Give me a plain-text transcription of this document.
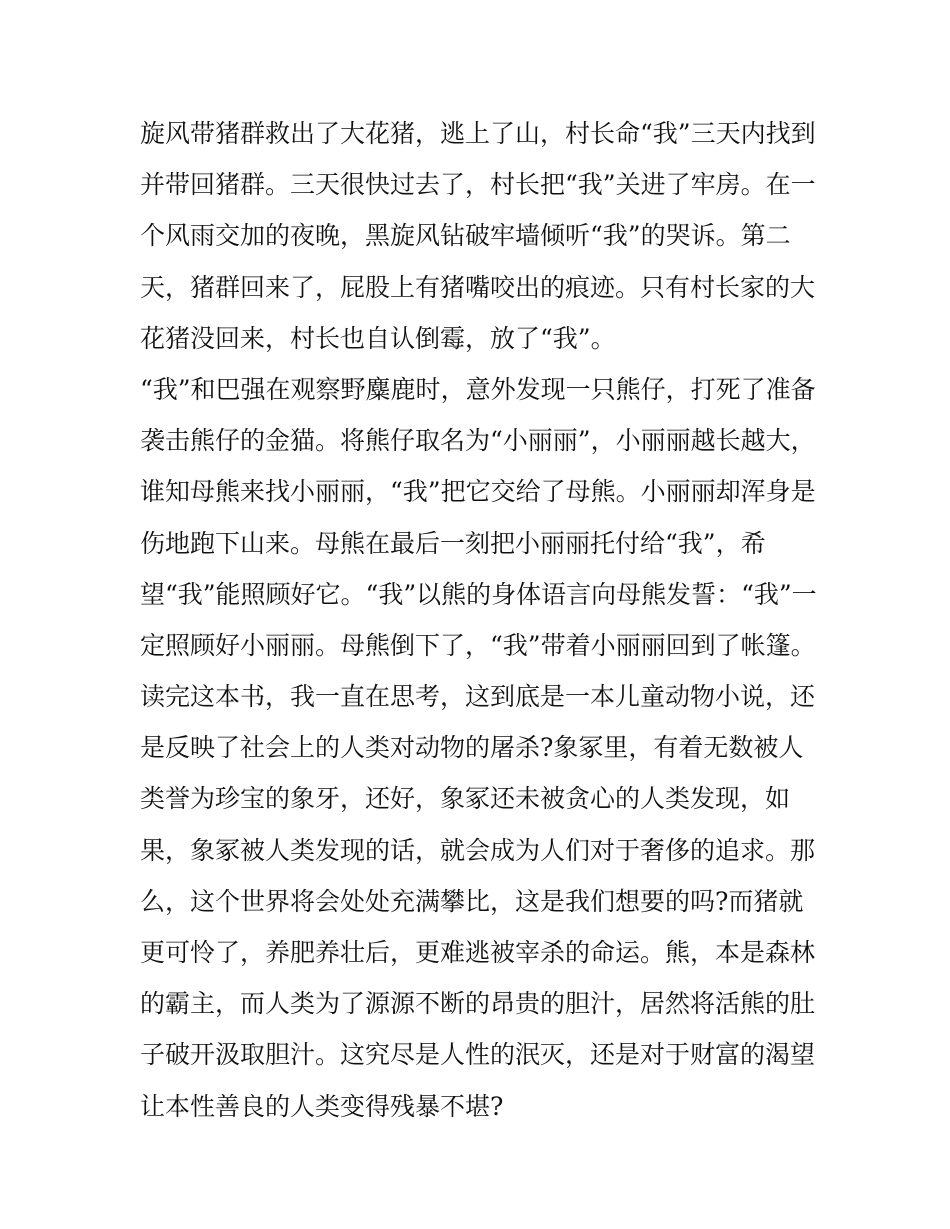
旋风带猪群救出了大花猪，逃上了山，村长命“我”三天内找到
并带回猪群。三天很快过去了，村长把“我”关进了牢房。在一
个风雨交加的夜晚，黑旋风钻破牢墙倾听“我”的哭诉。第二
天，猪群回来了，屁股上有猪嘴咬出的痕迹。只有村长家的大
花猪没回来，村长也自认倒霉，放了“我”。
“我”和巴强在观察野麋鹿时，意外发现一只熊仔，打死了准备
袭击熊仔的金猫。将熊仔取名为“小丽丽”，小丽丽越长越大，
谁知母熊来找小丽丽，“我”把它交给了母熊。小丽丽却浑身是
伤地跑下山来。母熊在最后一刻把小丽丽托付给“我”，希
望“我”能照顾好它。“我”以熊的身体语言向母熊发誓：“我”一
定照顾好小丽丽。母熊倒下了，“我”带着小丽丽回到了帐篷。
读完这本书，我一直在思考，这到底是一本儿童动物小说，还
是反映了社会上的人类对动物的屠杀?象冢里，有着无数被人
类誉为珍宝的象牙，还好，象冢还未被贪心的人类发现，如
果，象冢被人类发现的话，就会成为人们对于奢侈的追求。那
么，这个世界将会处处充满攀比，这是我们想要的吗?而猪就
更可怜了，养肥养壮后，更难逃被宰杀的命运。熊，本是森林
的霸主，而人类为了源源不断的昂贵的胆汁，居然将活熊的肚
子破开汲取胆汁。这究尽是人性的泯灭，还是对于财富的渴望
让本性善良的人类变得残暴不堪?
